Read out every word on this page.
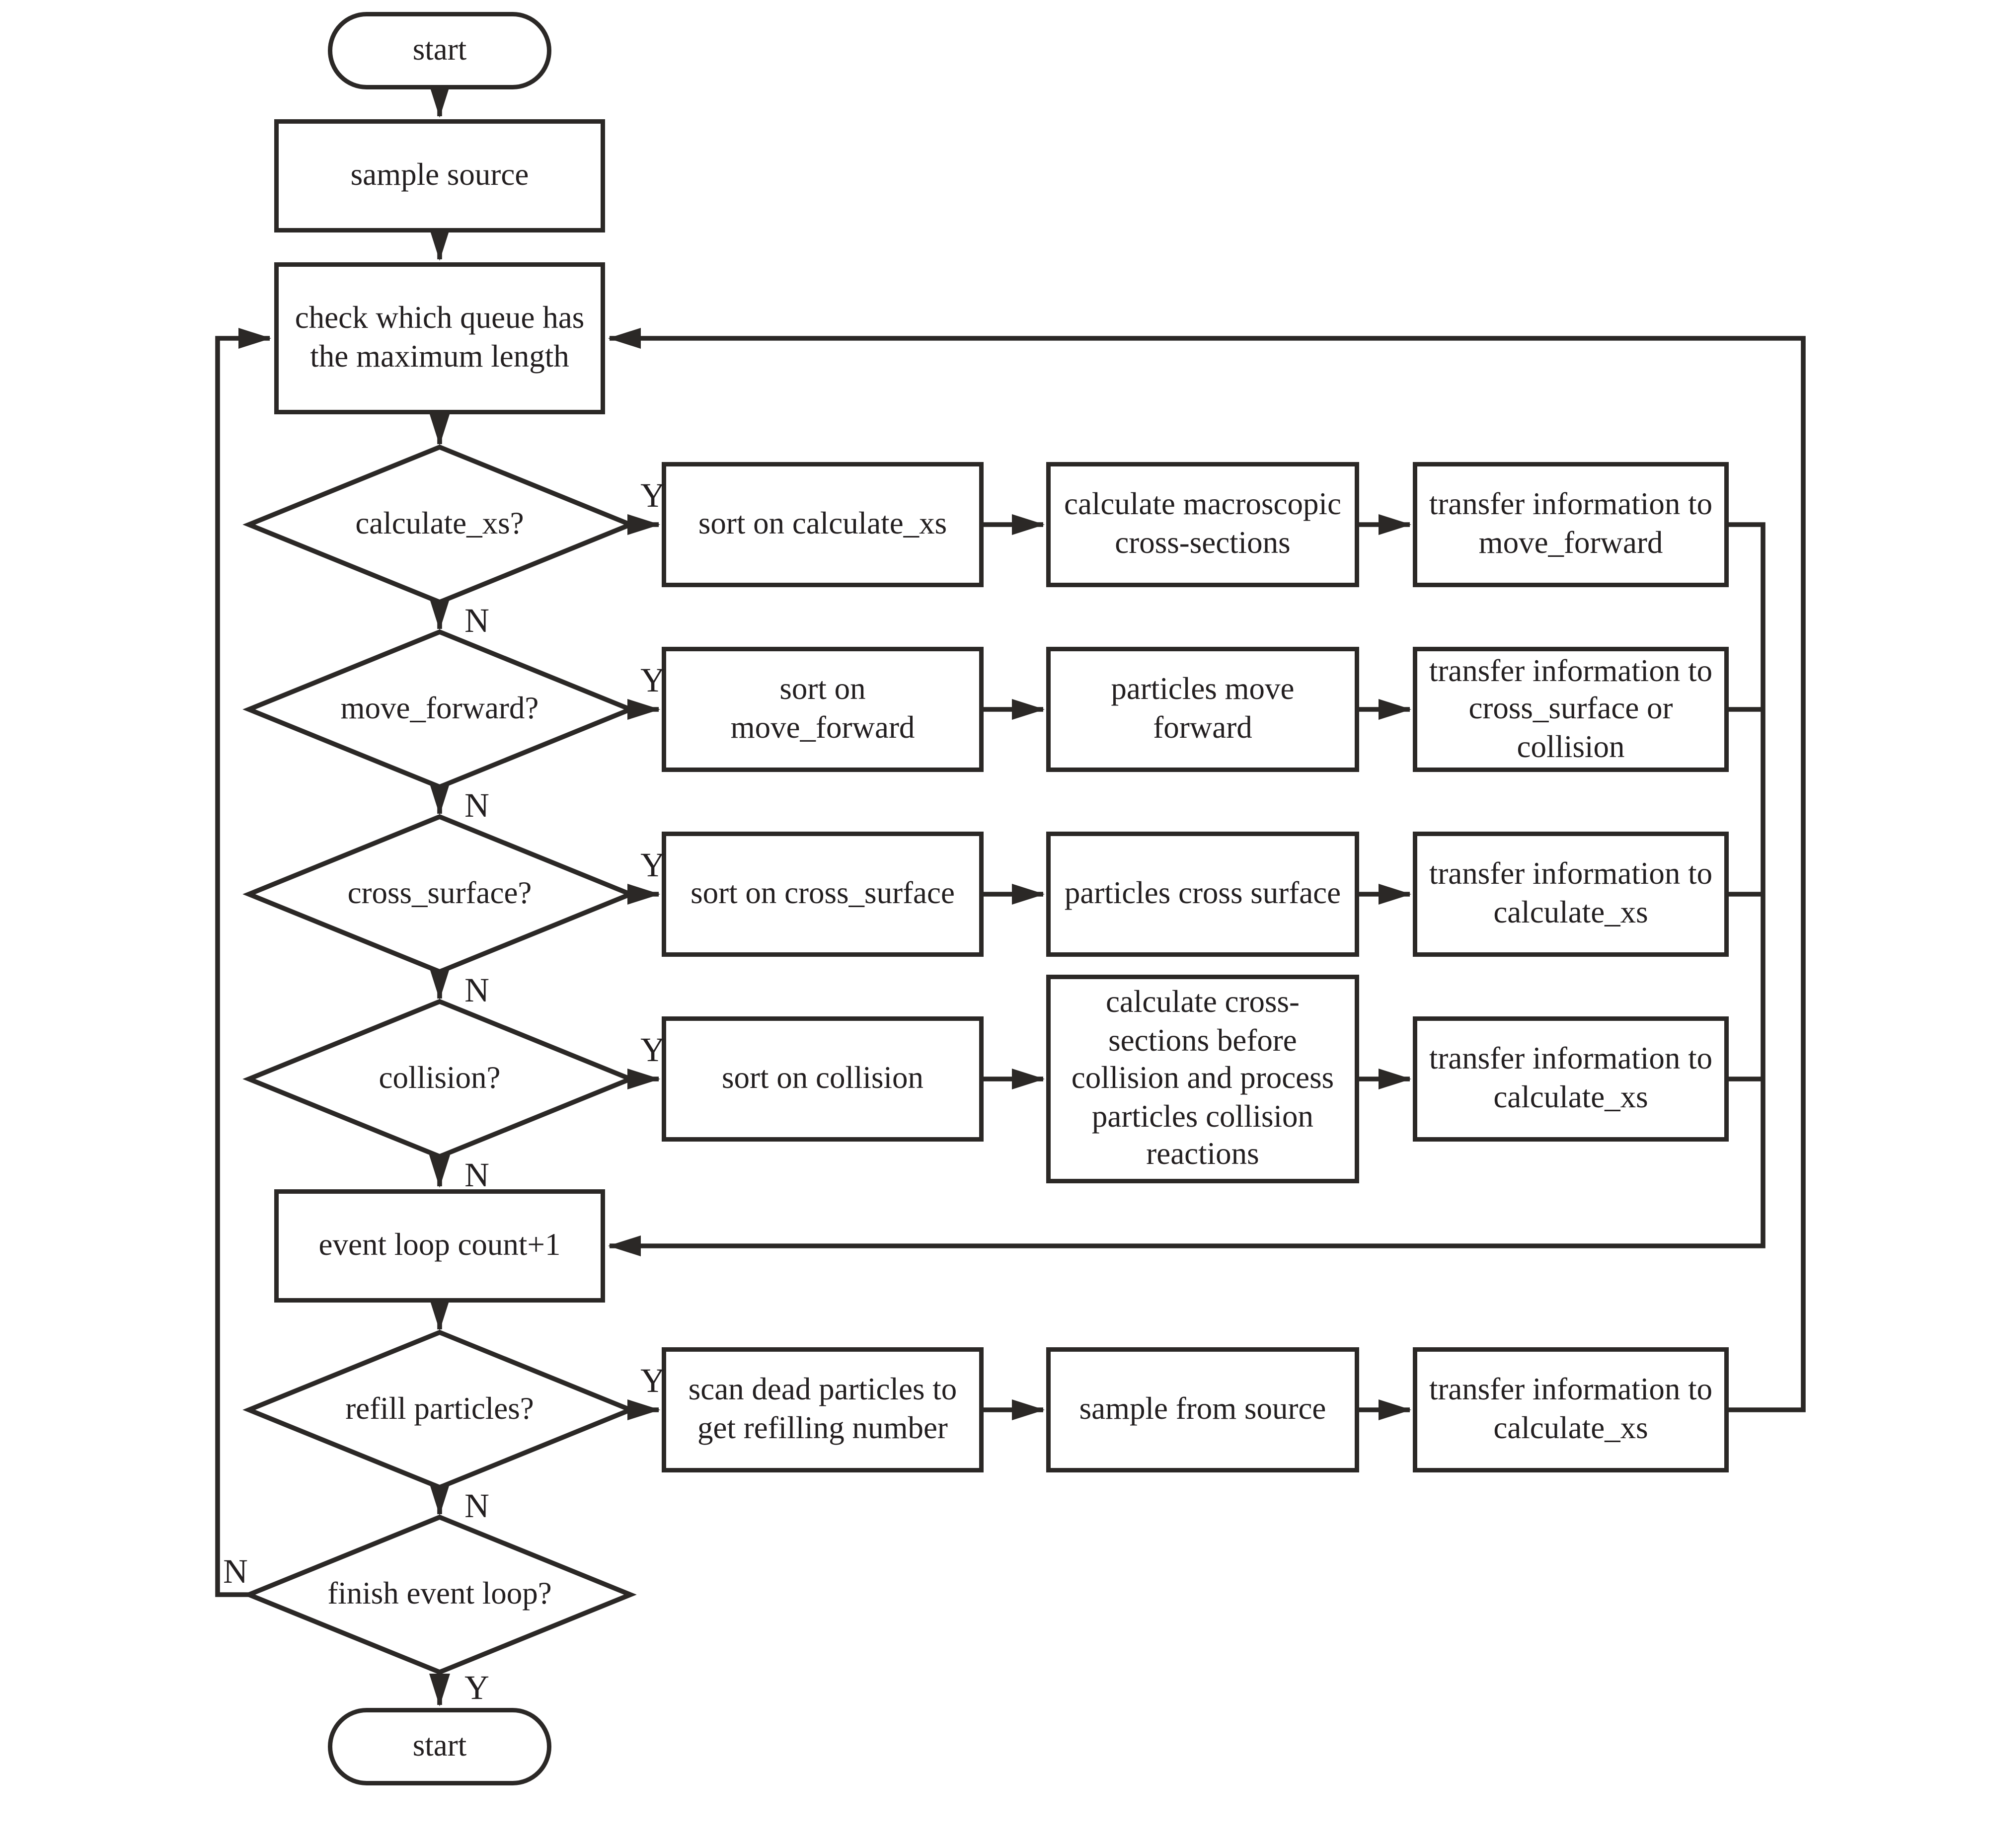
start
start
sample source
check which queue has the maximum length
event loop count+1
calculate_xs?
move_forward?
cross_surface?
collision?
refill particles?
finish event loop?
sort on calculate_xs
calculate macroscopic cross-sections
transfer information to move_forward
sort on move_forward
particles move forward
transfer information to cross_surface or collision
sort on cross_surface	particles cross surface
transfer information to calculate_xs
sort on collision
calculate cross-sections before collision and process particles collision reactions
transfer information to calculate_xs
scan dead particles to get refilling number
sample from source
transfer information to calculate_xs
Y
Y
Y
Y
Y
Y
N
N
N
N
N
N
